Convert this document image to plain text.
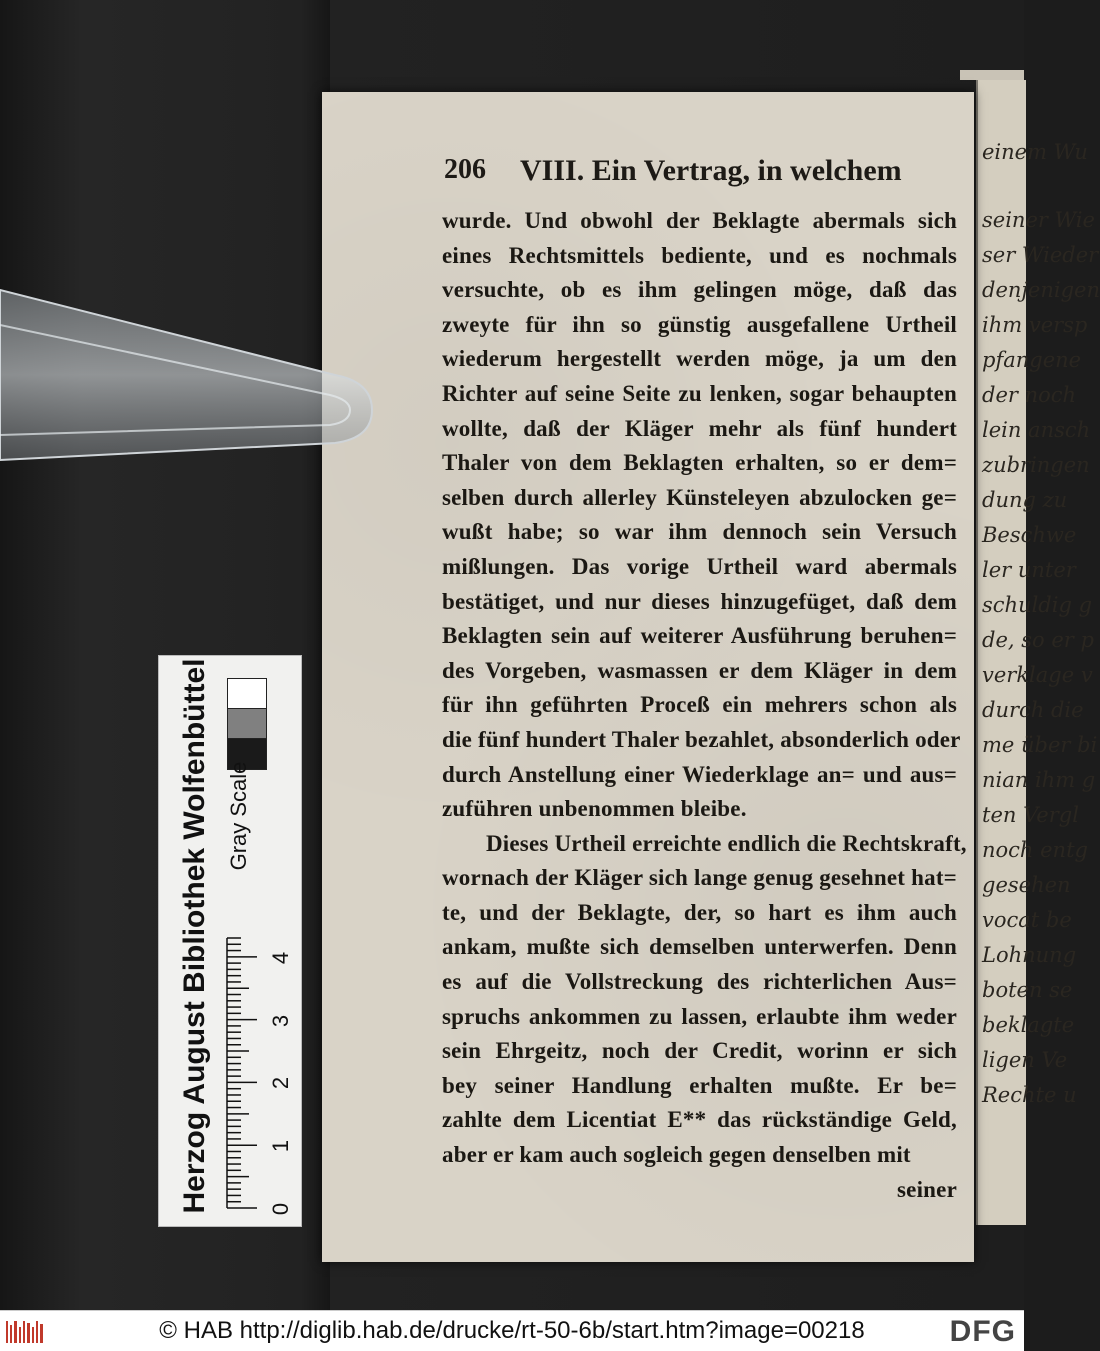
einem Wu
seiner Wie
ser Wieder
denjenigen
ihm versp
pfangene
der noch
lein ansch
zubringen
dung zu
Beschwe
ler unter
schuldig g
de, so er p
verklage v
durch die
me über bi
nian ihm g
ten Vergl
noch entg
gesehen
vocat be
Lohnung
boten se
beklagte
ligen Ve
Rechte u
206 VIII. Ein Vertrag, in welchem
wurde. Und obwohl der Beklagte abermals sich
eines Rechtsmittels bediente, und es nochmals
versuchte, ob es ihm gelingen möge, daß das
zweyte für ihn so günstig ausgefallene Urtheil
wiederum hergestellt werden möge, ja um den
Richter auf seine Seite zu lenken, sogar behaupten
wollte, daß der Kläger mehr als fünf hundert
Thaler von dem Beklagten erhalten, so er dem=
selben durch allerley Künsteleyen abzulocken ge=
wußt habe; so war ihm dennoch sein Versuch
mißlungen. Das vorige Urtheil ward abermals
bestätiget, und nur dieses hinzugefüget, daß dem
Beklagten sein auf weiterer Ausführung beruhen=
des Vorgeben, wasmassen er dem Kläger in dem
für ihn geführten Proceß ein mehrers schon als
die fünf hundert Thaler bezahlet, absonderlich oder
durch Anstellung einer Wiederklage an= und aus=
zuführen unbenommen bleibe.
Dieses Urtheil erreichte endlich die Rechtskraft,
wornach der Kläger sich lange genug gesehnet hat=
te, und der Beklagte, der, so hart es ihm auch
ankam, mußte sich demselben unterwerfen. Denn
es auf die Vollstreckung des richterlichen Aus=
spruchs ankommen zu lassen, erlaubte ihm weder
sein Ehrgeitz, noch der Credit, worinn er sich
bey seiner Handlung erhalten mußte. Er be=
zahlte dem Licentiat E** das rückständige Geld,
aber er kam auch sogleich gegen denselben mit
seiner
Herzog August Bibliothek Wolfenbüttel Gray Scale
0
1
2
3
4
© HAB http://diglib.hab.de/drucke/rt-50-6b/start.htm?image=00218	DFG
